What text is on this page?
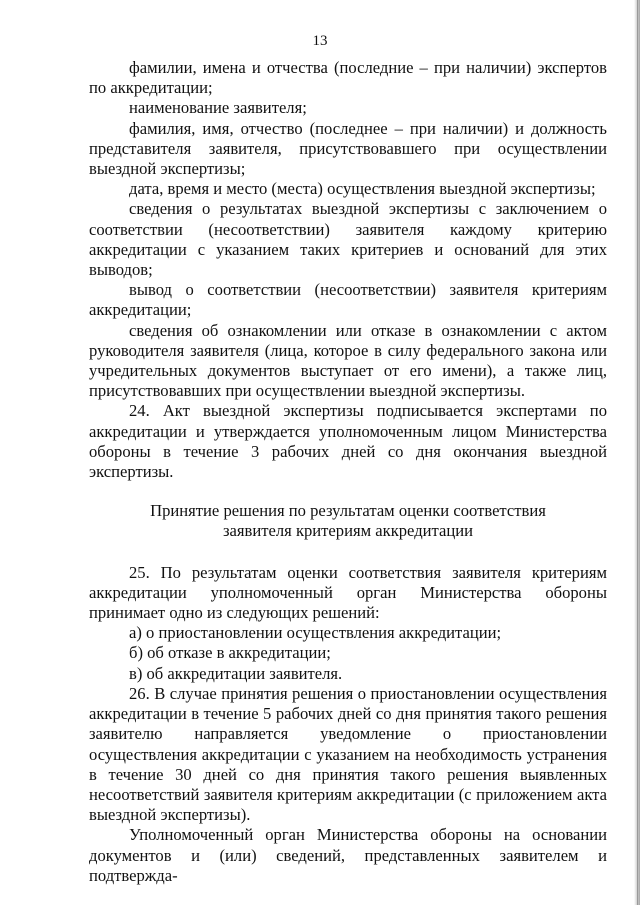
13

фамилии, имена и отчества (последние – при наличии) экспертов по аккредитации;

наименование заявителя;

фамилия, имя, отчество (последнее – при наличии) и должность представителя заявителя, присутствовавшего при осуществлении выездной экспертизы;

дата, время и место (места) осуществления выездной экспертизы;

сведения о результатах выездной экспертизы с заключением о соответствии (несоответствии) заявителя каждому критерию аккредитации с указанием таких критериев и оснований для этих выводов;

вывод о соответствии (несоответствии) заявителя критериям аккредитации;

сведения об ознакомлении или отказе в ознакомлении с актом руководителя заявителя (лица, которое в силу федерального закона или учредительных документов выступает от его имени), а также лиц, присутствовавших при осуществлении выездной экспертизы.

24. Акт выездной экспертизы подписывается экспертами по аккредитации и утверждается уполномоченным лицом Министерства обороны в течение 3 рабочих дней со дня окончания выездной экспертизы.

Принятие решения по результатам оценки соответствия

заявителя критериям аккредитации

25. По результатам оценки соответствия заявителя критериям аккредитации уполномоченный орган Министерства обороны принимает одно из следующих решений:

а) о приостановлении осуществления аккредитации;

б) об отказе в аккредитации;

в) об аккредитации заявителя.

26. В случае принятия решения о приостановлении осуществления аккредитации в течение 5 рабочих дней со дня принятия такого решения заявителю направляется уведомление о приостановлении осуществления аккредитации с указанием на необходимость устранения в течение 30 дней со дня принятия такого решения выявленных несоответствий заявителя критериям аккредитации (с приложением акта выездной экспертизы).

Уполномоченный орган Министерства обороны на основании документов и (или) сведений, представленных заявителем и подтвержда-
